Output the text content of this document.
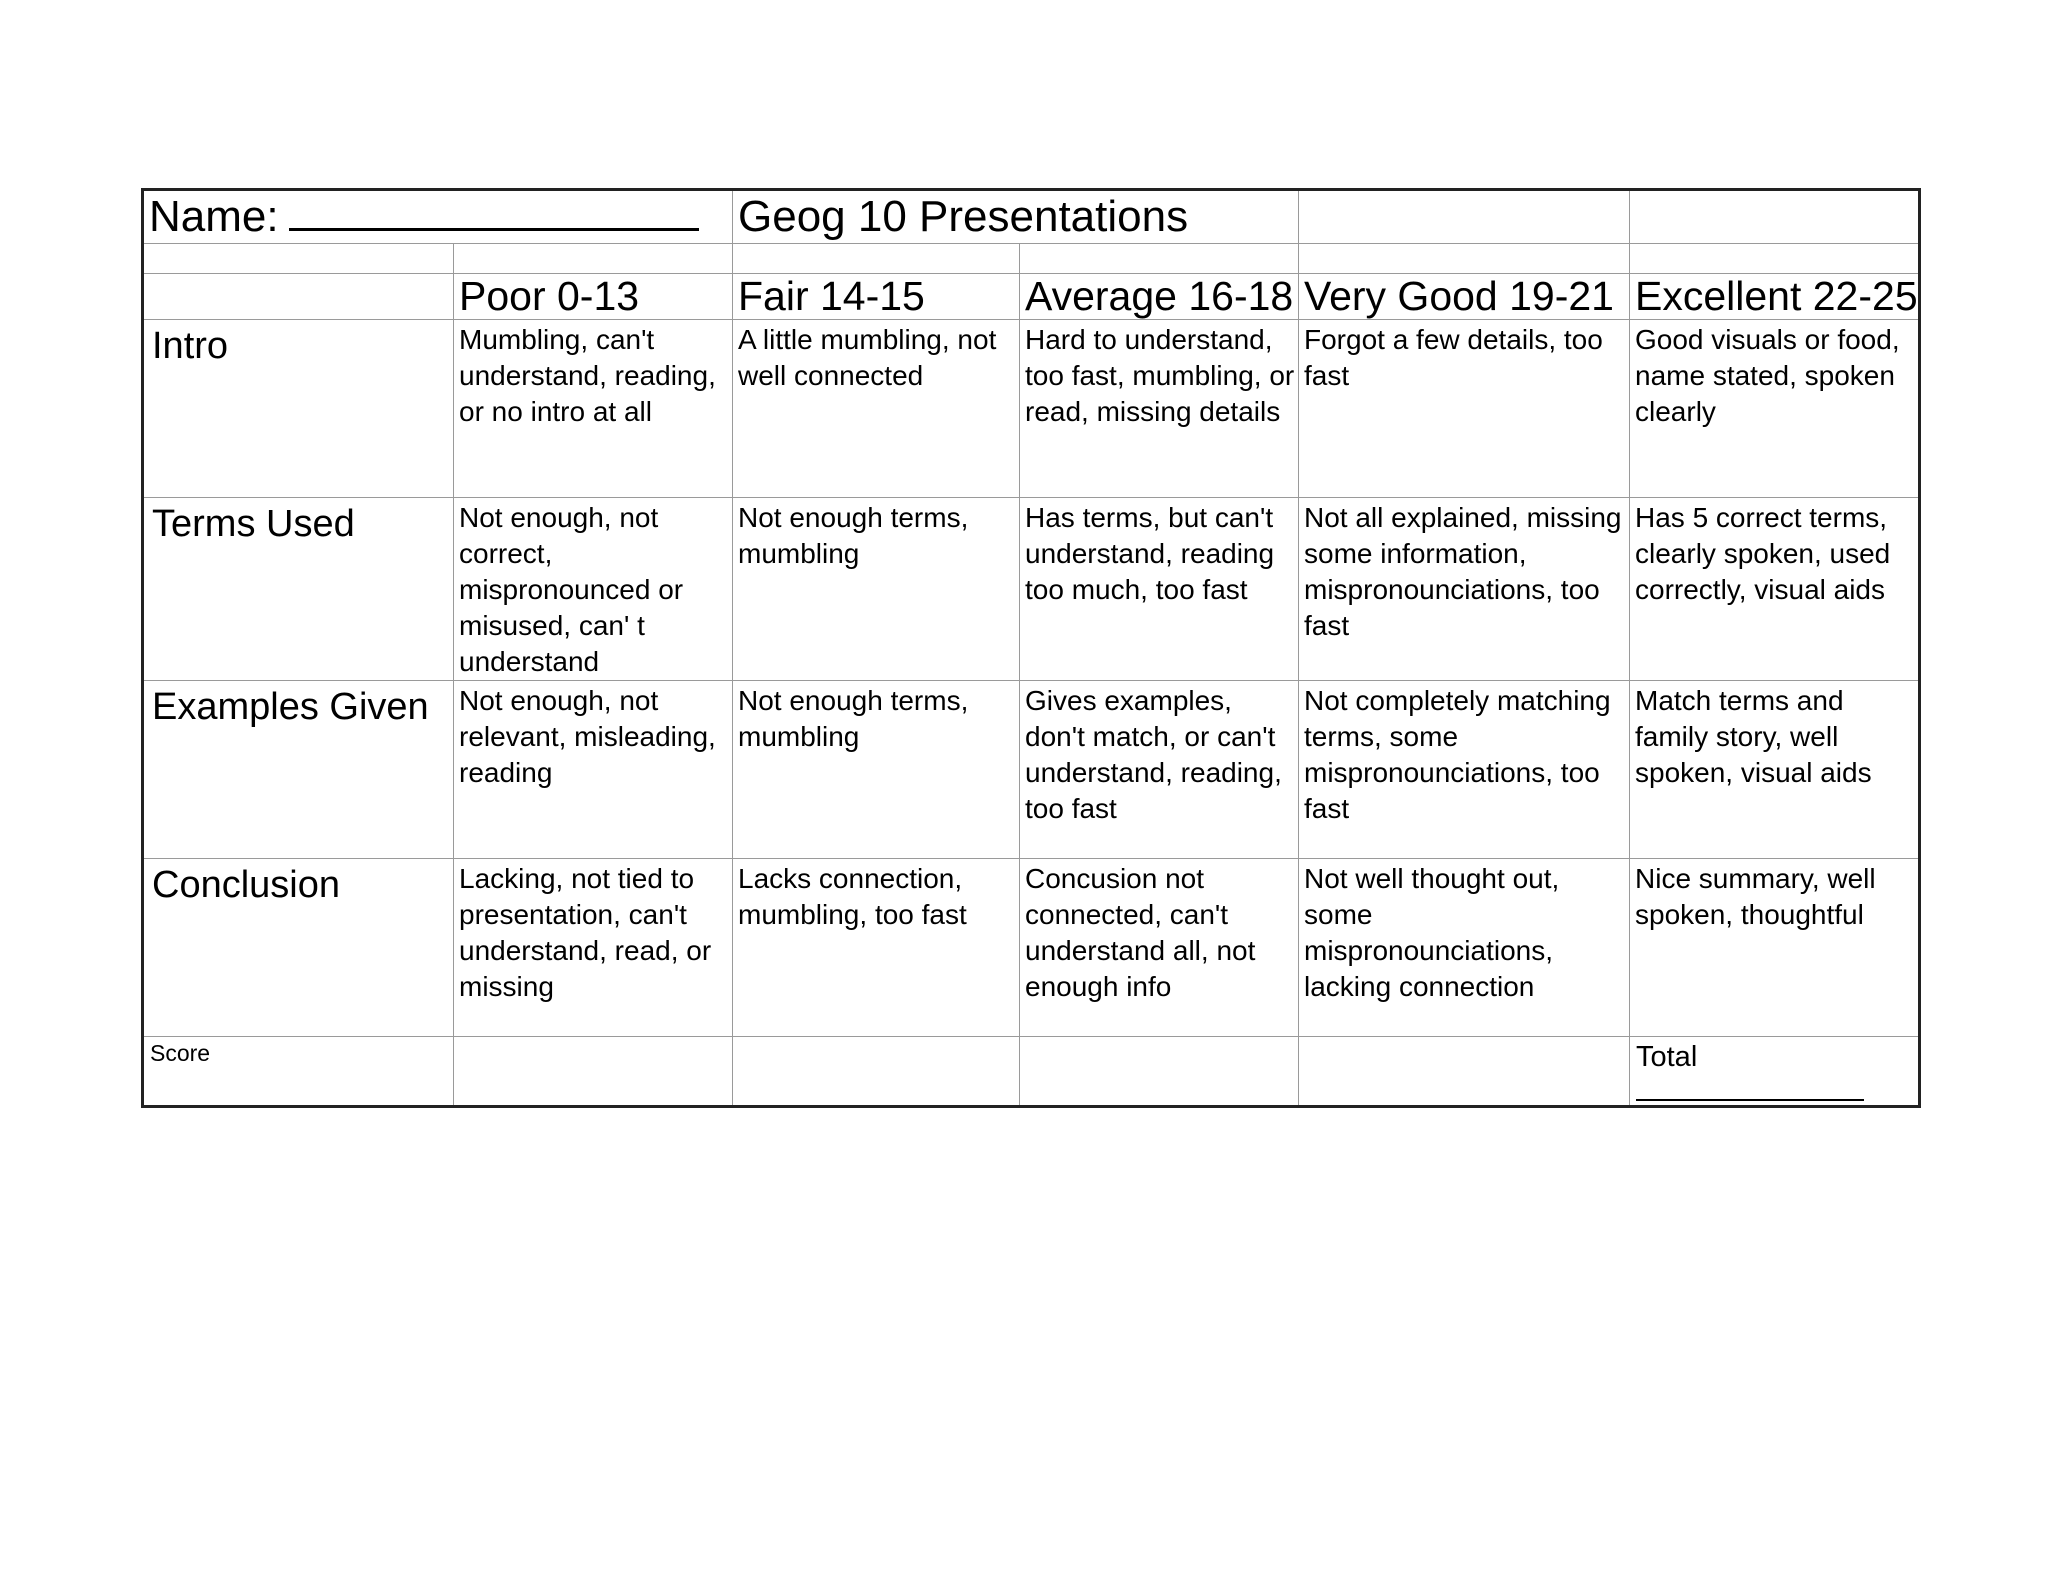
Name:		Geog 10 Presentations			

	Poor 0-13	Fair 14-15	Average 16-18	Very Good 19-21	Excellent 22-25
Intro	Mumbling, can't understand, reading, or no intro at all	A little mumbling, not well connected	Hard to understand, too fast, mumbling, or read, missing details	Forgot a few details, too fast	Good visuals or food, name stated, spoken clearly
Terms Used	Not enough, not correct, mispronounced or misused, can' t understand	Not enough terms, mumbling	Has terms, but can't understand, reading too much, too fast	Not all explained, missing some information, mispronounciations, too fast	Has 5 correct terms, clearly spoken, used correctly, visual aids
Examples Given	Not enough, not relevant, misleading, reading	Not enough terms, mumbling	Gives examples, don't match, or can't understand, reading, too fast	Not completely matching terms, some mispronounciations, too fast	Match terms and family story, well spoken, visual aids
Conclusion	Lacking, not tied to presentation, can't understand, read, or missing	Lacks connection, mumbling, too fast	Concusion not connected, can't understand all, not enough info	Not well thought out, some mispronounciations, lacking connection	Nice summary, well spoken, thoughtful
Score					Total
